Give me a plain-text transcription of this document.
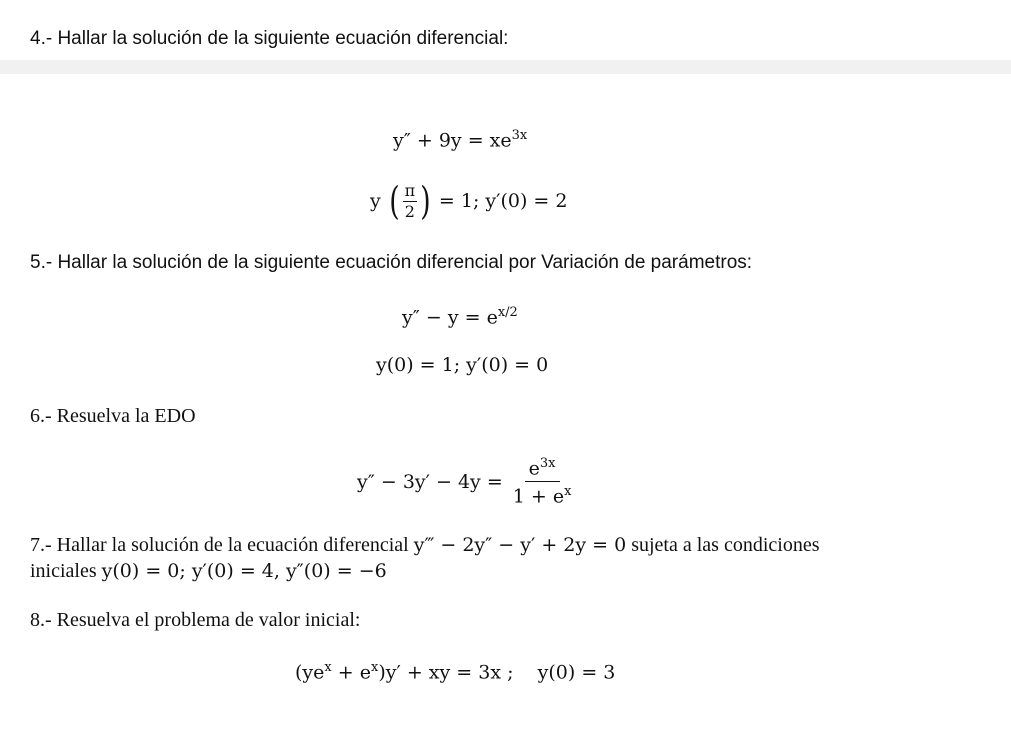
4.- Hallar la solución de la siguiente ecuación diferencial:
$y'' + 9y = xe^{3x}$
y ( π
2 ) = 1; y′(0) = 2
5.- Hallar la solución de la siguiente ecuación diferencial por Variación de parámetros:
$y'' - y = e^{x/2}$
y(0) = 1; y′(0) = 0
6.- Resuelva la EDO
$y'' - 3y' - 4y = \frac{e^{3x}}{1 + e^x}$
7.- Hallar la solución de la ecuación diferencial y‴ − 2y″ − y′ + 2y = 0 sujeta a las condiciones
iniciales y(0) = 0; y′(0) = 4, y″(0) = −6
8.- Resuelva el problema de valor inicial:
$(ye^x + e^x)y'$ + xy = 3x ;    y(0) = 3
